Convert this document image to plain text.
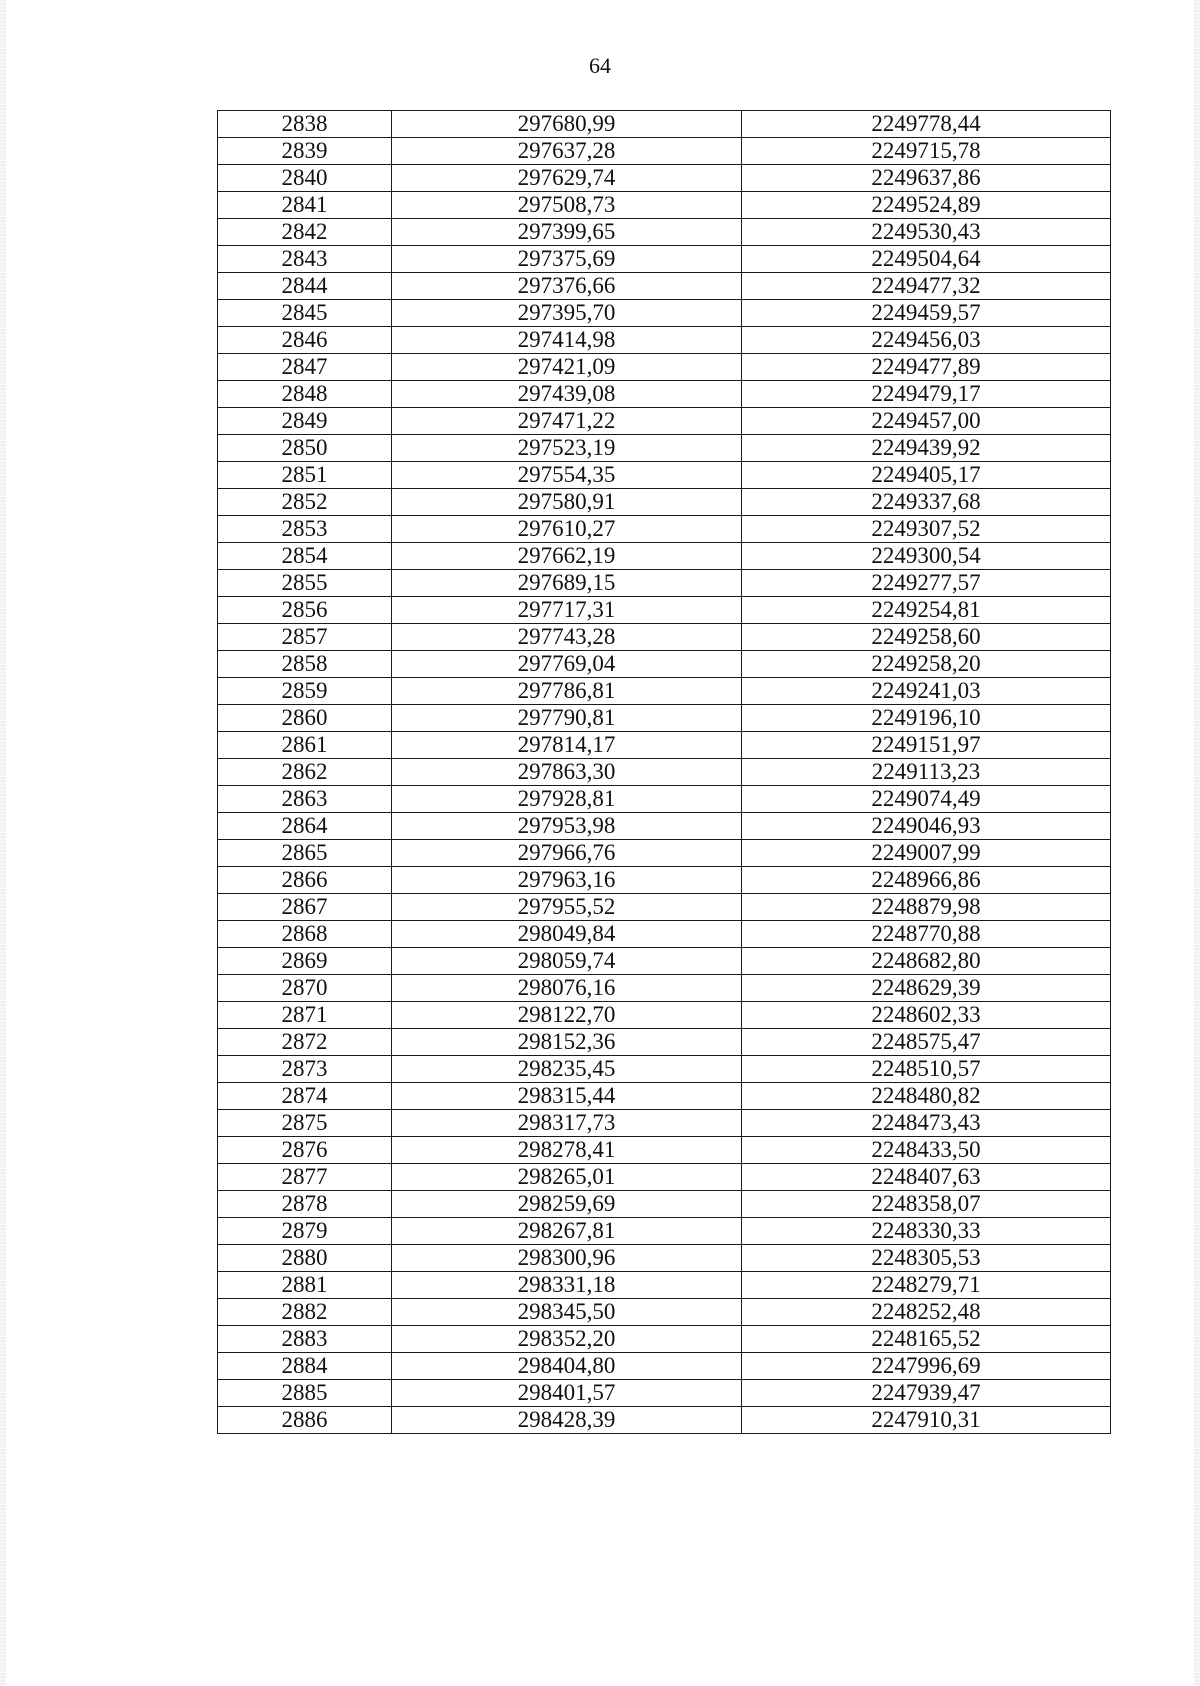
64
2838	297680,99	2249778,44
2839	297637,28	2249715,78
2840	297629,74	2249637,86
2841	297508,73	2249524,89
2842	297399,65	2249530,43
2843	297375,69	2249504,64
2844	297376,66	2249477,32
2845	297395,70	2249459,57
2846	297414,98	2249456,03
2847	297421,09	2249477,89
2848	297439,08	2249479,17
2849	297471,22	2249457,00
2850	297523,19	2249439,92
2851	297554,35	2249405,17
2852	297580,91	2249337,68
2853	297610,27	2249307,52
2854	297662,19	2249300,54
2855	297689,15	2249277,57
2856	297717,31	2249254,81
2857	297743,28	2249258,60
2858	297769,04	2249258,20
2859	297786,81	2249241,03
2860	297790,81	2249196,10
2861	297814,17	2249151,97
2862	297863,30	2249113,23
2863	297928,81	2249074,49
2864	297953,98	2249046,93
2865	297966,76	2249007,99
2866	297963,16	2248966,86
2867	297955,52	2248879,98
2868	298049,84	2248770,88
2869	298059,74	2248682,80
2870	298076,16	2248629,39
2871	298122,70	2248602,33
2872	298152,36	2248575,47
2873	298235,45	2248510,57
2874	298315,44	2248480,82
2875	298317,73	2248473,43
2876	298278,41	2248433,50
2877	298265,01	2248407,63
2878	298259,69	2248358,07
2879	298267,81	2248330,33
2880	298300,96	2248305,53
2881	298331,18	2248279,71
2882	298345,50	2248252,48
2883	298352,20	2248165,52
2884	298404,80	2247996,69
2885	298401,57	2247939,47
2886	298428,39	2247910,31
